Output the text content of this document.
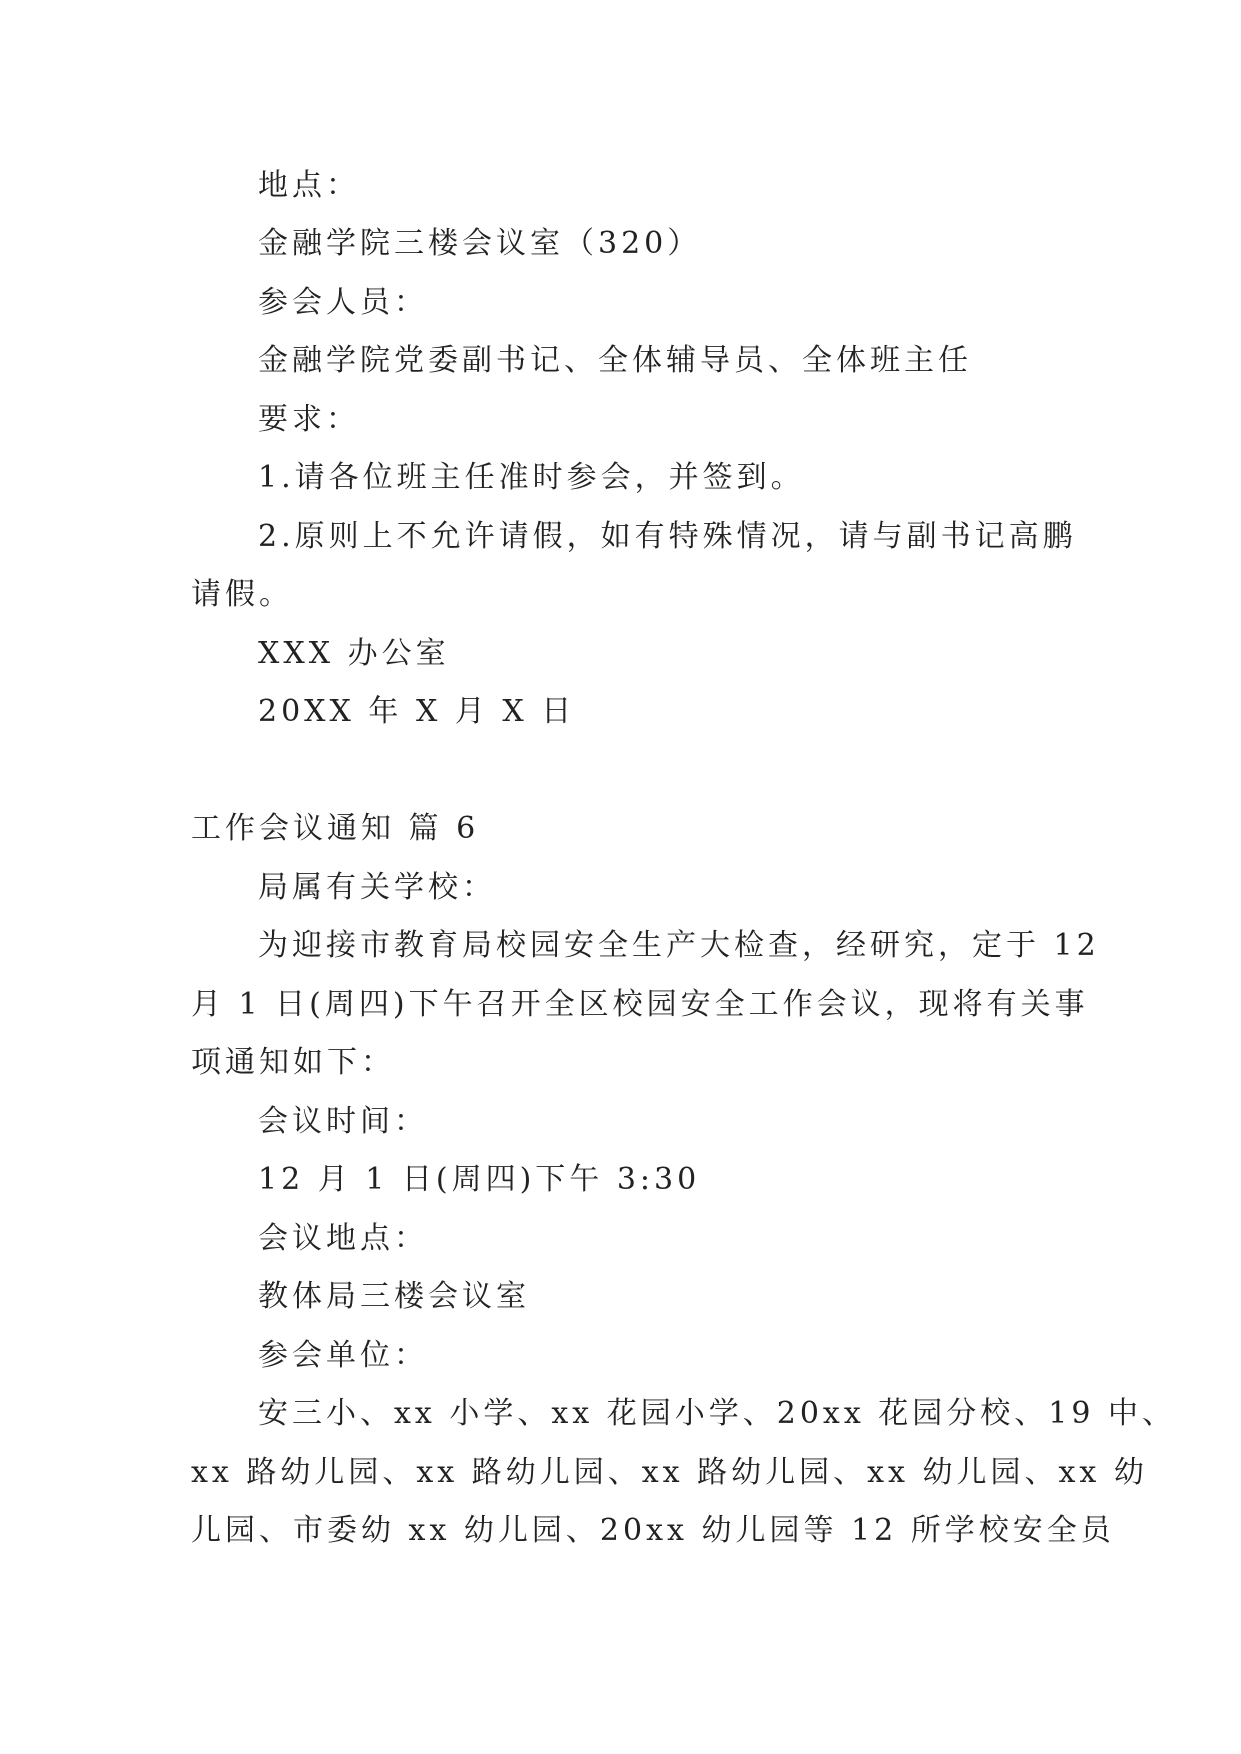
地点：
金融学院三楼会议室（320）
参会人员：
金融学院党委副书记、全体辅导员、全体班主任
要求：
1.请各位班主任准时参会，并签到。
2.原则上不允许请假，如有特殊情况，请与副书记高鹏
请假。
XXX 办公室
20XX 年 X 月 X 日
工作会议通知 篇 6
局属有关学校：
为迎接市教育局校园安全生产大检查，经研究，定于 12
月 1 日(周四)下午召开全区校园安全工作会议，现将有关事
项通知如下：
会议时间：
12 月 1 日(周四)下午 3:30
会议地点：
教体局三楼会议室
参会单位：
安三小、xx 小学、xx 花园小学、20xx 花园分校、19 中、
xx 路幼儿园、xx 路幼儿园、xx 路幼儿园、xx 幼儿园、xx 幼
儿园、市委幼 xx 幼儿园、20xx 幼儿园等 12 所学校安全员
